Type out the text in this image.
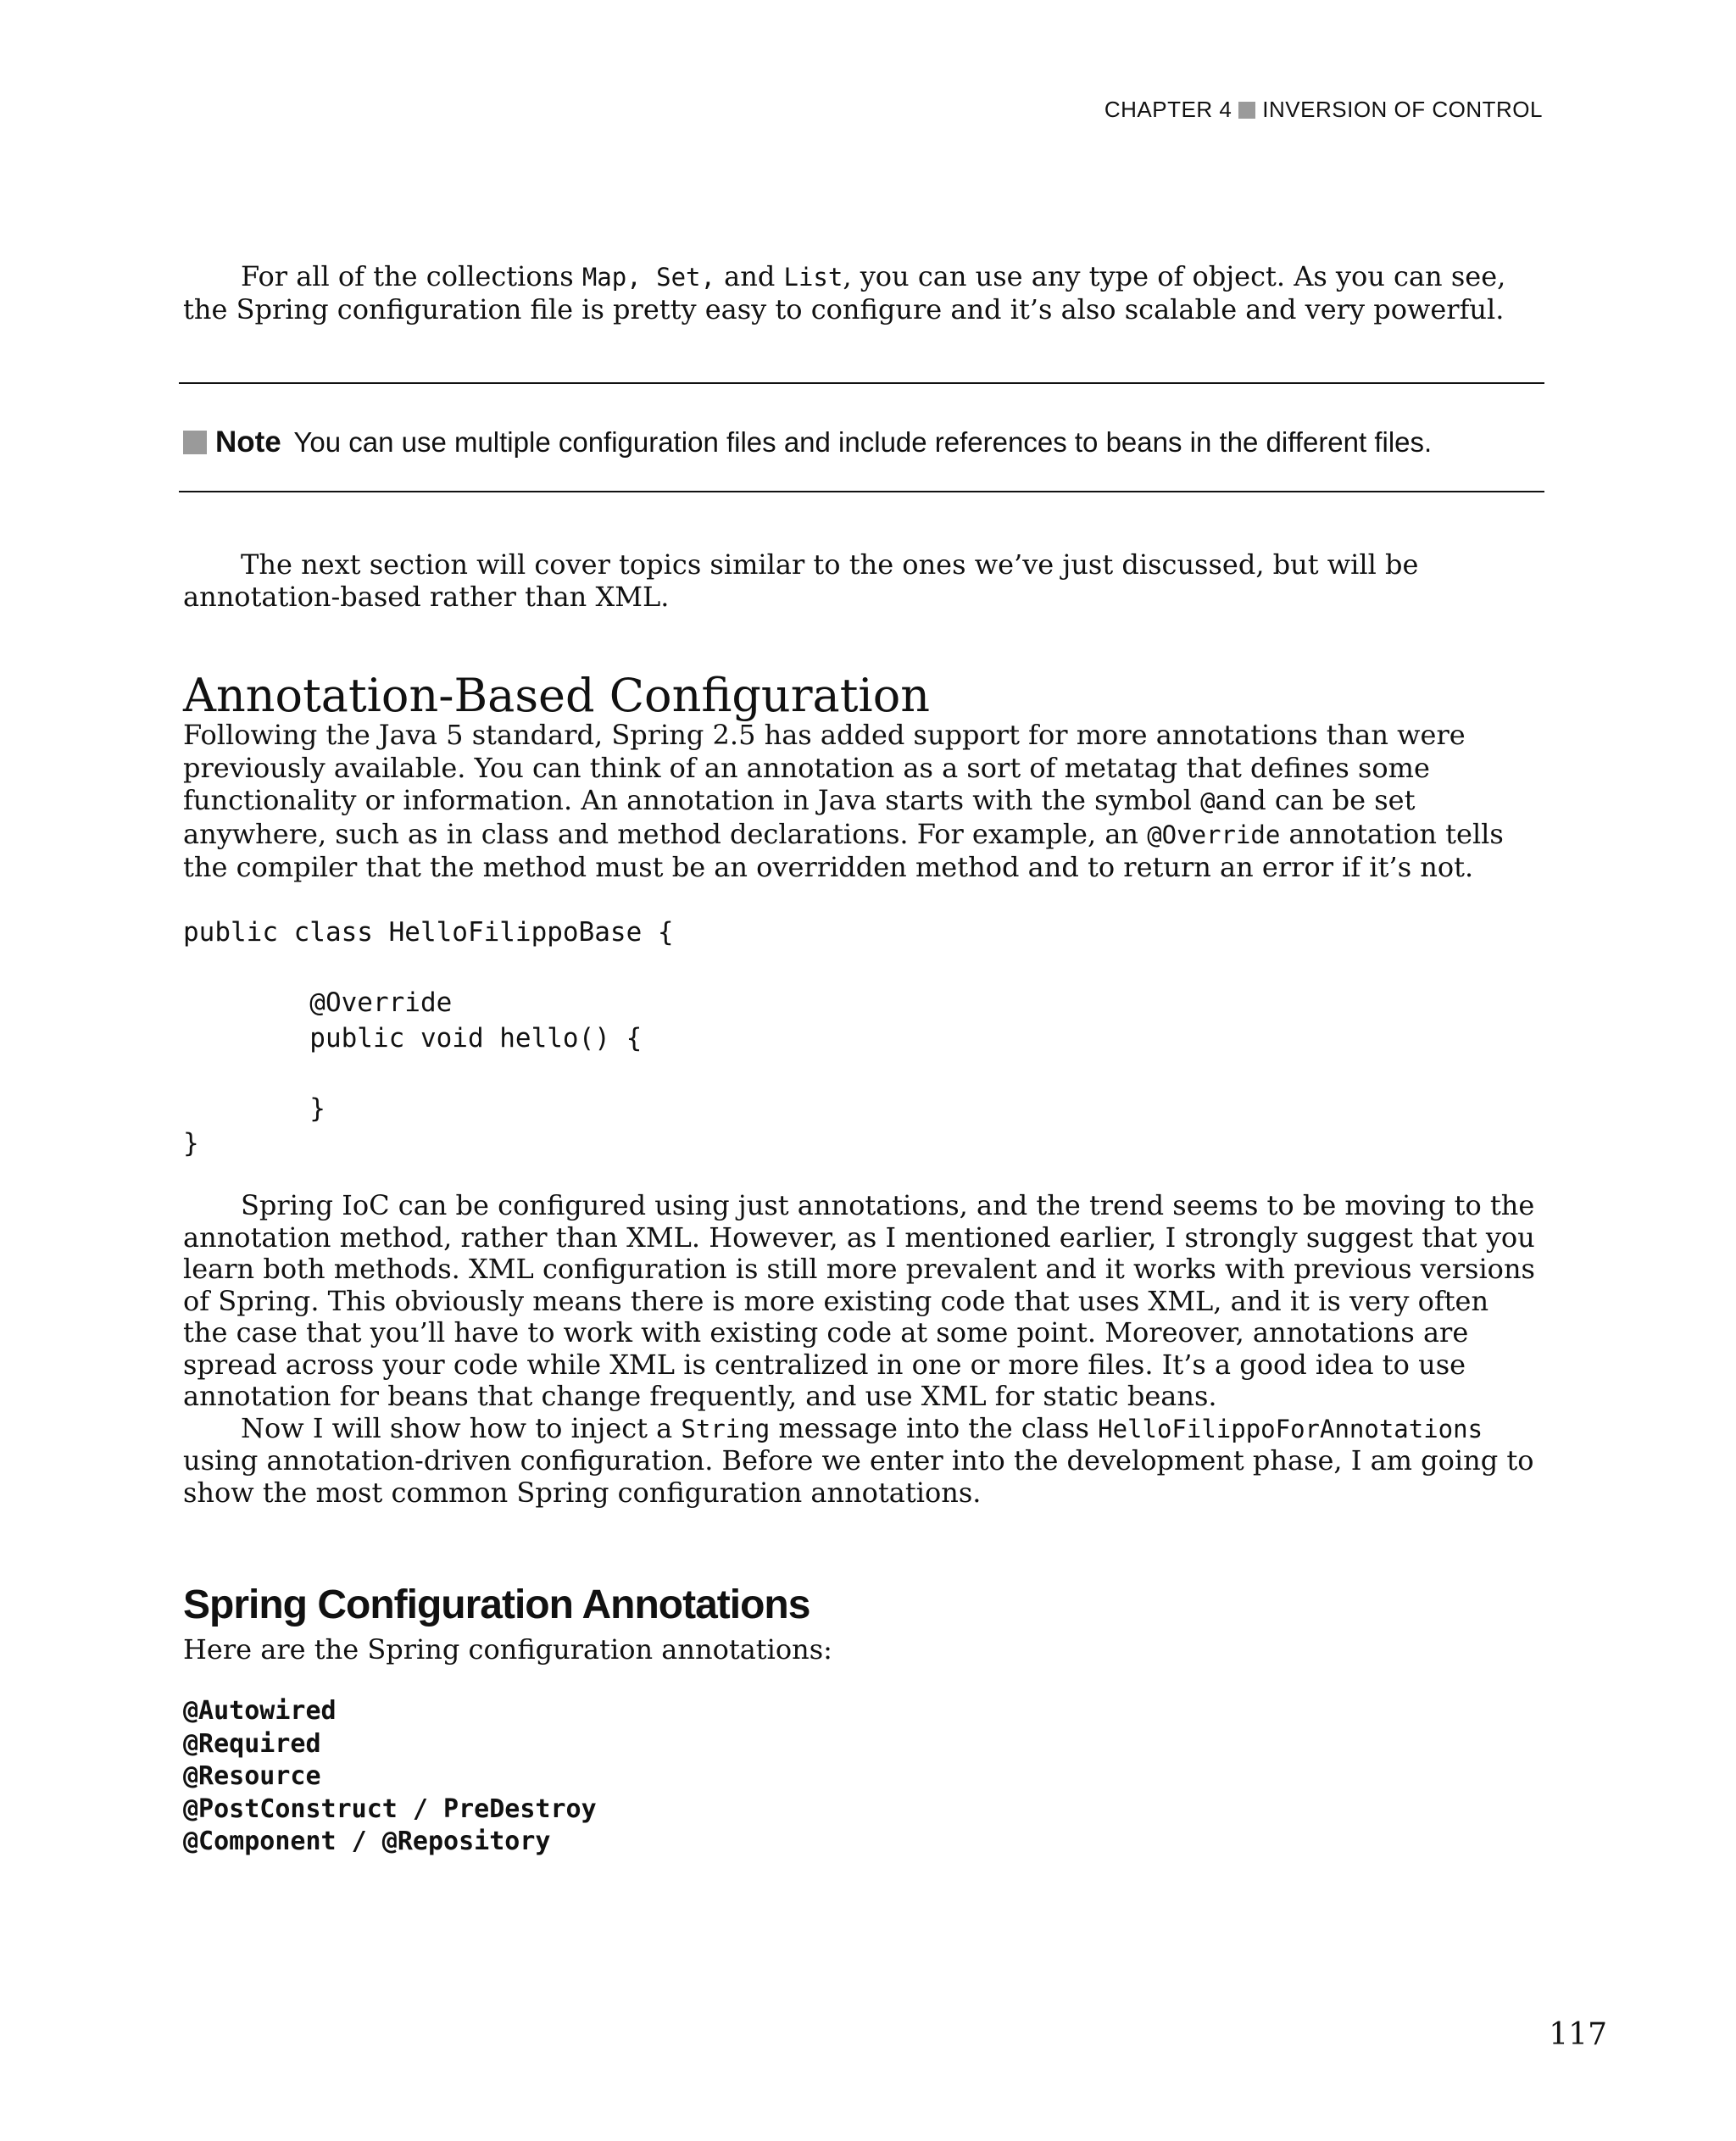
CHAPTER 4 INVERSION OF CONTROL

For all of the collections Map, Set, and List, you can use any type of object. As you can see, the Spring configuration file is pretty easy to configure and it’s also scalable and very powerful.

Note You can use multiple configuration files and include references to beans in the different files.

The next section will cover topics similar to the ones we’ve just discussed, but will be annotation-based rather than XML.

Annotation-Based Configuration

Following the Java 5 standard, Spring 2.5 has added support for more annotations than were previously available. You can think of an annotation as a sort of metatag that defines some functionality or information. An annotation in Java starts with the symbol @and can be set anywhere, such as in class and method declarations. For example, an @Override annotation tells the compiler that the method must be an overridden method and to return an error if it’s not.

public class HelloFilippoBase {

@Override
public void hello() {

}
}

Spring IoC can be configured using just annotations, and the trend seems to be moving to the annotation method, rather than XML. However, as I mentioned earlier, I strongly suggest that you learn both methods. XML configuration is still more prevalent and it works with previous versions of Spring. This obviously means there is more existing code that uses XML, and it is very often the case that you’ll have to work with existing code at some point. Moreover, annotations are spread across your code while XML is centralized in one or more files. It’s a good idea to use annotation for beans that change frequently, and use XML for static beans.

Now I will show how to inject a String message into the class HelloFilippoForAnnotations using annotation-driven configuration. Before we enter into the development phase, I am going to show the most common Spring configuration annotations.

Spring Configuration Annotations

Here are the Spring configuration annotations:

@Autowired
@Required
@Resource
@PostConstruct / PreDestroy
@Component / @Repository
117
